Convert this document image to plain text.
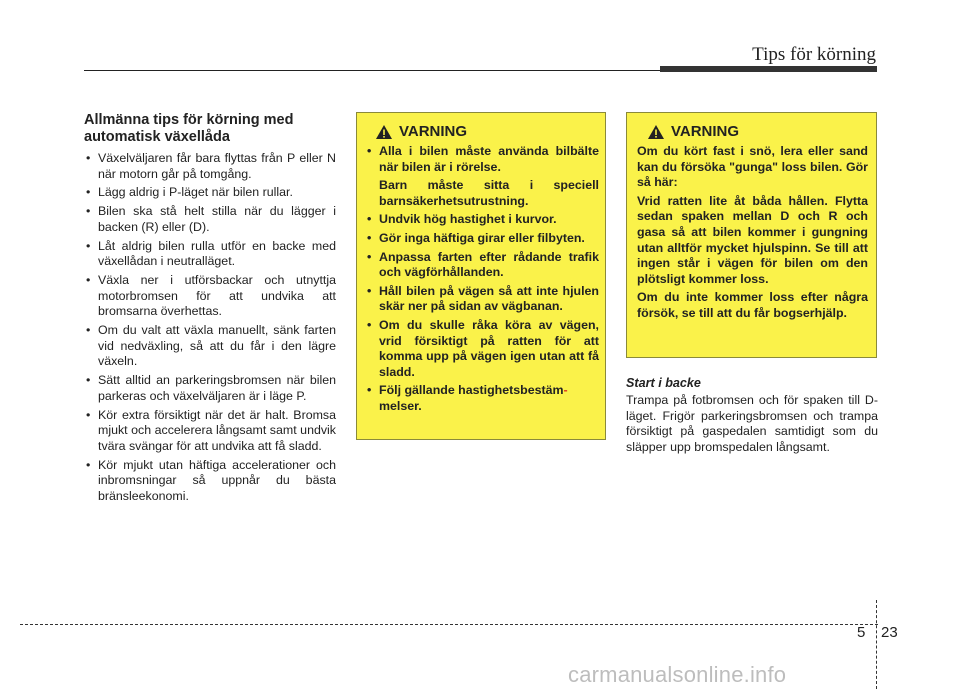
Tips för körning
Allmänna tips för körning med automatisk växellåda
• Växelväljaren får bara flyttas från P eller N när motorn går på tomgång.
• Lägg aldrig i P-läget när bilen rullar.
• Bilen ska stå helt stilla när du lägger i backen (R) eller (D).
• Låt aldrig bilen rulla utför en backe med växellådan i neutralläget.
• Växla ner i utförsbackar och utnyttja motorbromsen för att undvika att bromsarna överhettas.
• Om du valt att växla manuellt, sänk farten vid nedväxling, så att du får i den lägre växeln.
• Sätt alltid an parkeringsbromsen när bilen parkeras och växelväljaren är i läge P.
• Kör extra försiktigt när det är halt. Bromsa mjukt och accelerera långsamt samt undvik tvära svängar för att undvika att få sladd.
• Kör mjukt utan häftiga accelerationer och inbromsningar så uppnår du bästa bränsleekonomi.
VARNING
• Alla i bilen måste använda bilbälte när bilen är i rörelse.
Barn måste sitta i speciell barnsäkerhetsutrustning.
• Undvik hög hastighet i kurvor.
• Gör inga häftiga girar eller filbyten.
• Anpassa farten efter rådande trafik och vägförhållanden.
• Håll bilen på vägen så att inte hjulen skär ner på sidan av vägbanan.
• Om du skulle råka köra av vägen, vrid försiktigt på ratten för att komma upp på vägen igen utan att få sladd.
• Följ gällande hastighetsbestäm-
melser.
VARNING

Om du kört fast i snö, lera eller sand kan du försöka "gunga" loss bilen. Gör så här:

Vrid ratten lite åt båda hållen. Flytta sedan spaken mellan D och R och gasa så att bilen kommer i gungning utan alltför mycket hjulspinn. Se till att ingen står i vägen för bilen om den plötsligt kommer loss.

Om du inte kommer loss efter några försök, se till att du får bogserhjälp.

Start i backe

Trampa på fotbromsen och för spaken till D-läget. Frigör parkeringsbromsen och trampa försiktigt på gaspedalen samtidigt som du släpper upp bromspedalen långsamt.

5 23
carmanualsonline.info
